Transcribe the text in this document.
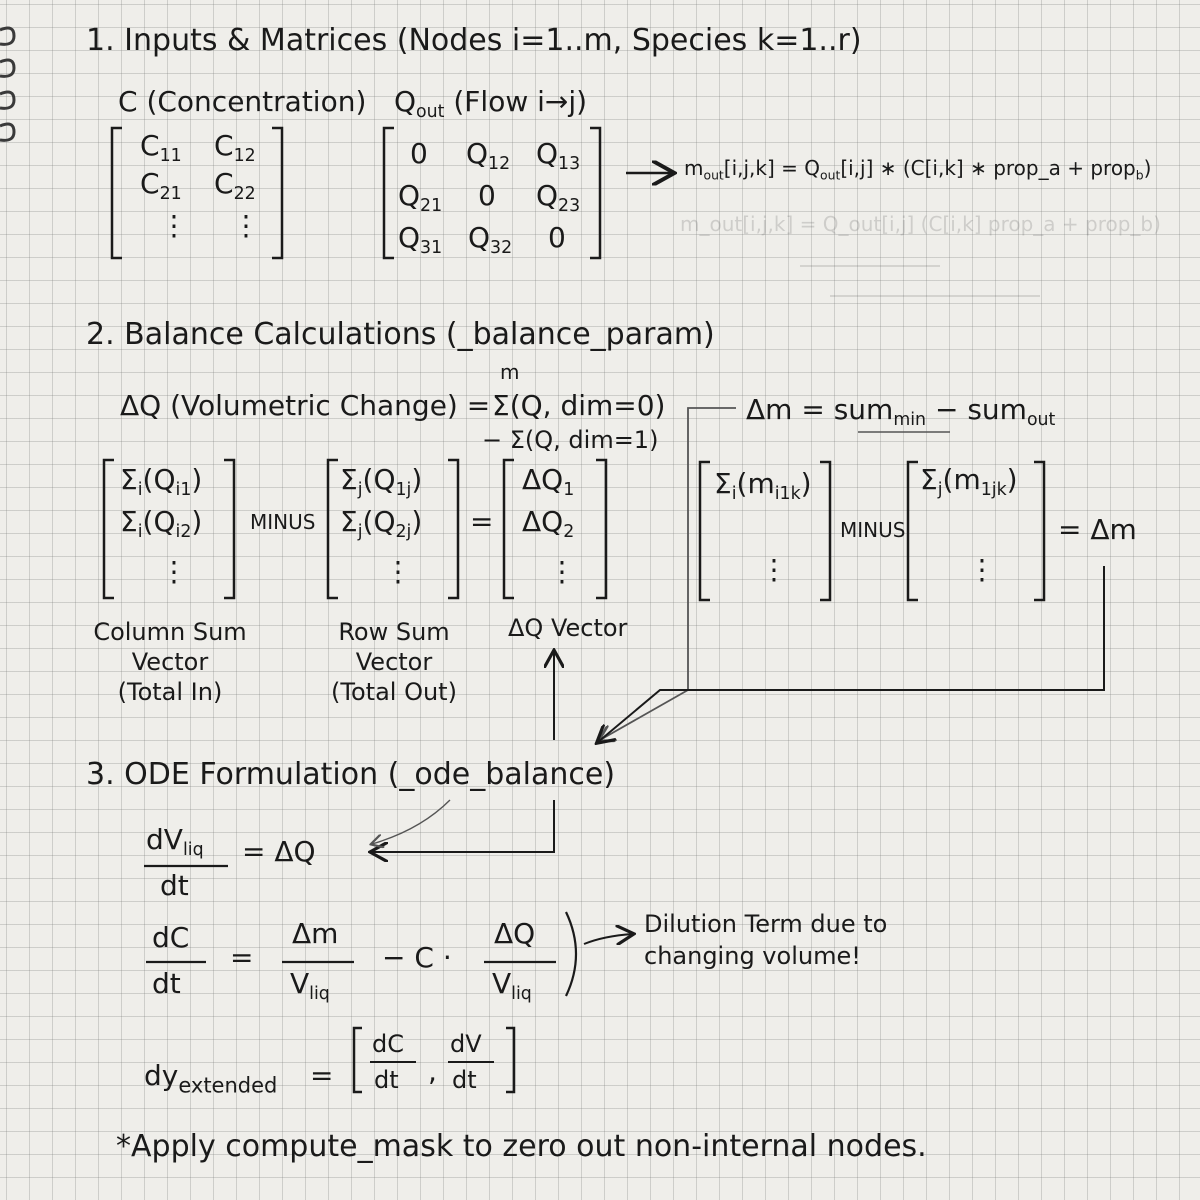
1. Inputs & Matrices (Nodes i=1..m, Species k=1..r)
C (Concentration)
$C_{11}$ $C_{12}$
$C_{21}$ $C_{22}$
⋮ ⋮
$Q_{out}$ (Flow i→j)
0 $Q_{12}$ $Q_{13}$
$Q_{21}$ 0 $Q_{23}$
$Q_{31}$ $Q_{32}$ 0
$m_{out}[i,j,k] = Q_{out}[i,j]$ ∗ (C[i,k] ∗ prop_a + prop$_b$)
m_out[i,j,k] = Q_out[i,j] (C[i,k] prop_a + prop_b)
2. Balance Calculations (_balance_param)
ΔQ (Volumetric Change) =
m
Σ(Q, dim=0)
− Σ(Q, dim=1)
Δm = sum$_{min}$ − sum$_{out}$
$\Sigma_i(Q_{i1})$
$\Sigma_i(Q_{i2})$
⋮
MINUS
$\Sigma_j(Q_{1j})$
$\Sigma_j(Q_{2j})$
⋮
=
$\Delta Q_1$
$\Delta Q_2$
⋮
Column Sum
Vector
(Total In)
Row Sum
Vector
(Total Out)
ΔQ Vector
$\Sigma_i(m_{i1k})$
⋮
MINUS
$\Sigma_j(m_{1jk})$
⋮
= Δm
3. ODE Formulation (_ode_balance)
$dV_{liq}$
dt
= ΔQ
dC
dt
=
Δm
$V_{liq}$
− C ·
ΔQ
$V_{liq}$
Dilution Term due to
changing volume!
$dy_{extended}$ =
dC
dt ,
dV
dt
*Apply compute_mask to zero out non-internal nodes.
